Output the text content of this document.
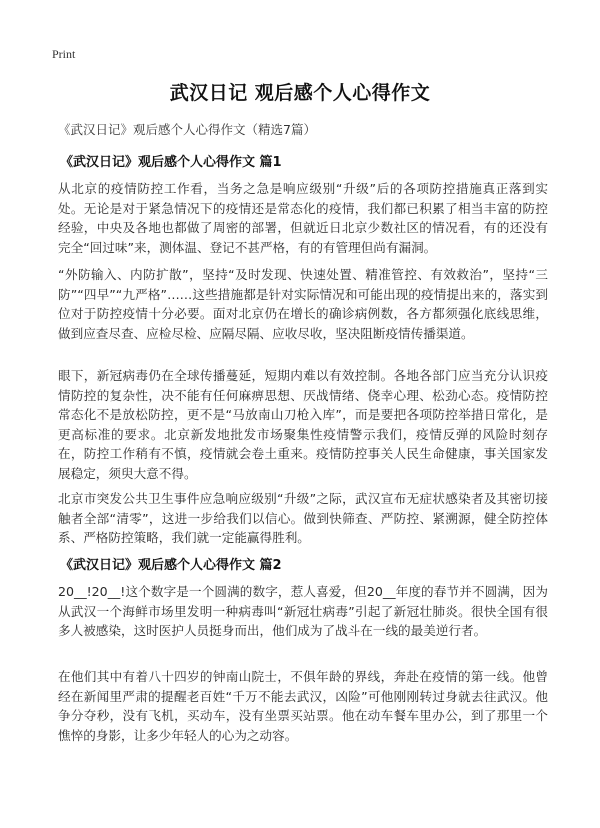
Print
武汉日记 观后感个人心得作文
《武汉日记》观后感个人心得作文（精选7篇）
《武汉日记》观后感个人心得作文 篇1
从北京的疫情防控工作看，当务之急是响应级别“升级”后的各项防控措施真正落到实处。无论是对于紧急情况下的疫情还是常态化的疫情，我们都已积累了相当丰富的防控经验，中央及各地也都做了周密的部署，但就近日北京少数社区的情况看，有的还没有完全“回过味”来，测体温、登记不甚严格，有的有管理但尚有漏洞。
“外防输入、内防扩散”，坚持“及时发现、快速处置、精准管控、有效救治”，坚持“三防”“四早”“九严格”……这些措施都是针对实际情况和可能出现的疫情提出来的，落实到位对于防控疫情十分必要。面对北京仍在增长的确诊病例数，各方都须强化底线思维，做到应查尽查、应检尽检、应隔尽隔、应收尽收，坚决阻断疫情传播渠道。
眼下，新冠病毒仍在全球传播蔓延，短期内难以有效控制。各地各部门应当充分认识疫情防控的复杂性，决不能有任何麻痹思想、厌战情绪、侥幸心理、松劲心态。疫情防控常态化不是放松防控，更不是“马放南山刀枪入库”，而是要把各项防控举措日常化，是更高标准的要求。北京新发地批发市场聚集性疫情警示我们，疫情反弹的风险时刻存在，防控工作稍有不慎，疫情就会卷土重来。疫情防控事关人民生命健康，事关国家发展稳定，须臾大意不得。
北京市突发公共卫生事件应急响应级别“升级”之际，武汉宣布无症状感染者及其密切接触者全部“清零”，这进一步给我们以信心。做到快筛查、严防控、紧溯源，健全防控体系、严格防控策略，我们就一定能赢得胜利。
《武汉日记》观后感个人心得作文 篇2
20__!20__!这个数字是一个圆满的数字，惹人喜爱，但20__年度的春节并不圆满，因为从武汉一个海鲜市场里发明一种病毒叫“新冠壮病毒”引起了新冠壮肺炎。很快全国有很多人被感染，这时医护人员挺身而出，他们成为了战斗在一线的最美逆行者。
在他们其中有着八十四岁的钟南山院士，不俱年龄的界线，奔赴在疫情的第一线。他曾经在新闻里严肃的提醒老百姓“千万不能去武汉，凶险”可他刚刚转过身就去往武汉。他争分夺秒，没有飞机，买动车，没有坐票买站票。他在动车餐车里办公，到了那里一个憔悴的身影，让多少年轻人的心为之动容。
